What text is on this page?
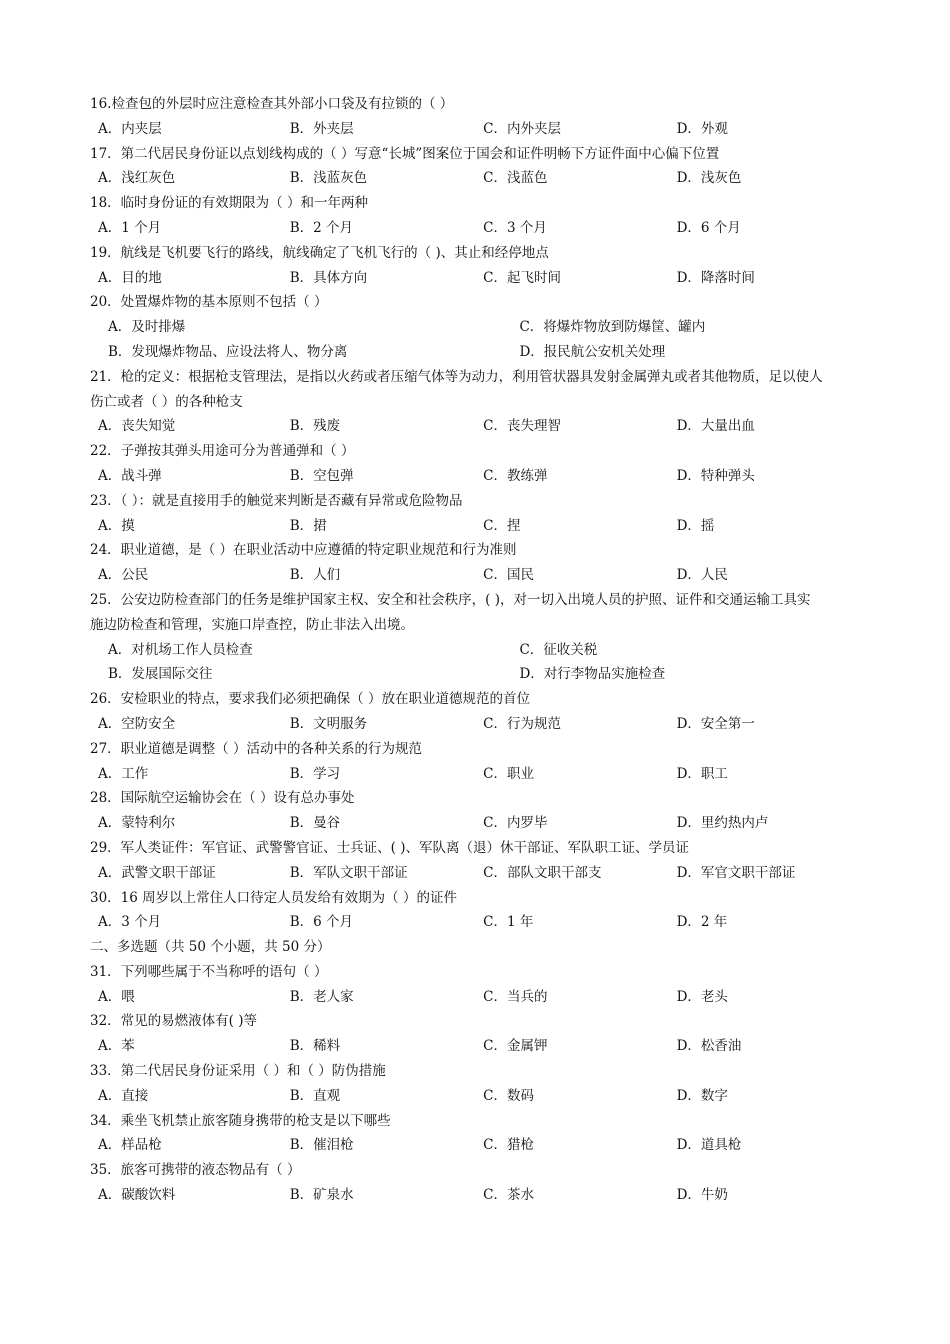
16.检查包的外层时应注意检查其外部小口袋及有拉锁的（ ）
A．内夹层	B．外夹层	C．内外夹层	D．外观
17．第二代居民身份证以点划线构成的（ ）写意“长城”图案位于国会和证件明畅下方证件面中心偏下位置
A．浅红灰色	B．浅蓝灰色	C．浅蓝色	D．浅灰色
18．临时身份证的有效期限为（ ）和一年两种
A．1 个月	B．2 个月	C．3 个月	D．6 个月
19．航线是飞机要飞行的路线，航线确定了飞机飞行的（ )、其止和经停地点
A．目的地	B．具体方向	C．起飞时间	D．降落时间
20．处置爆炸物的基本原则不包括（ ）
A．及时排爆	C．将爆炸物放到防爆筐、罐内
B．发现爆炸物品、应设法将人、物分离	D．报民航公安机关处理
21．枪的定义：根据枪支管理法，是指以火药或者压缩气体等为动力，利用管状器具发射金属弹丸或者其他物质，足以使人
伤亡或者（ ）的各种枪支
A．丧失知觉	B．残废	C．丧失理智	D．大量出血
22．子弹按其弹头用途可分为普通弹和（ ）
A．战斗弹	B．空包弹	C．教练弹	D．特种弹头
23．（ ）：就是直接用手的触觉来判断是否藏有异常或危险物品
A．摸	B．捃	C．捏	D．摇
24．职业道德，是（ ）在职业活动中应遵循的特定职业规范和行为准则
A．公民	B．人们	C．国民	D．人民
25．公安边防检查部门的任务是维护国家主权、安全和社会秩序，( )，对一切入出境人员的护照、证件和交通运输工具实
施边防检查和管理，实施口岸查控，防止非法入出境。
A．对机场工作人员检查	C．征收关税
B．发展国际交往	D．对行李物品实施检查
26．安检职业的特点，要求我们必须把确保（ ）放在职业道德规范的首位
A．空防安全	B．文明服务	C．行为规范	D．安全第一
27．职业道德是调整（ ）活动中的各种关系的行为规范
A．工作	B．学习	C．职业	D．职工
28．国际航空运输协会在（ ）设有总办事处
A．蒙特利尔	B．曼谷	C．内罗毕	D．里约热内卢
29．军人类证件：军官证、武警警官证、士兵证、( )、军队离（退）休干部证、军队职工证、学员证
A．武警文职干部证	B．军队文职干部证	C．部队文职干部支	D．军官文职干部证
30．16 周岁以上常住人口待定人员发给有效期为（ ）的证件
A．3 个月	B．6 个月	C．1 年	D．2 年
二、多选题（共 50 个小题，共 50 分）
31．下列哪些属于不当称呼的语句（ ）
A．喂	B．老人家	C．当兵的	D．老头
32．常见的易燃液体有( )等
A．苯	B．稀料	C．金属钾	D．松香油
33．第二代居民身份证采用（ ）和（ ）防伪措施
A．直接	B．直观	C．数码	D．数字
34．乘坐飞机禁止旅客随身携带的枪支是以下哪些
A．样品枪	B．催泪枪	C．猎枪	D．道具枪
35．旅客可携带的液态物品有（ ）
A．碳酸饮料	B．矿泉水	C．茶水	D．牛奶
